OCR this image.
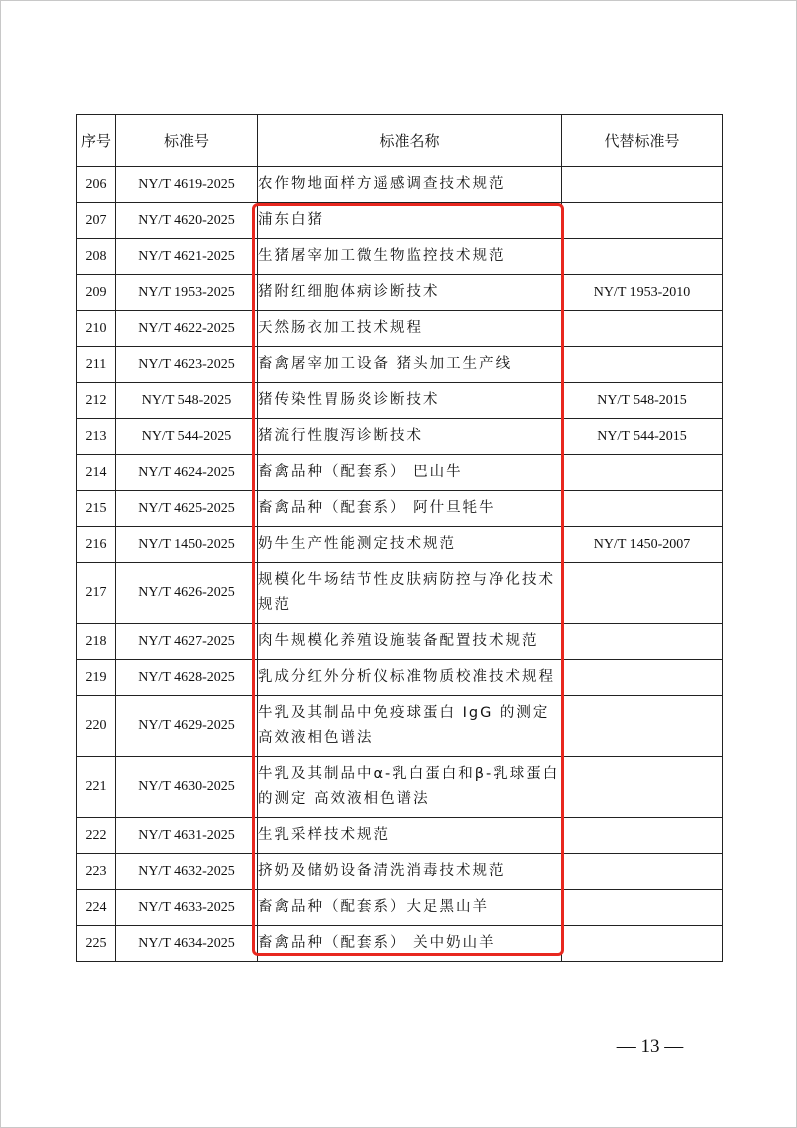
序号	标准号	标准名称	代替标准号
206	NY/T 4619-2025	农作物地面样方遥感调查技术规范	
207	NY/T 4620-2025	浦东白猪	
208	NY/T 4621-2025	生猪屠宰加工微生物监控技术规范	
209	NY/T 1953-2025	猪附红细胞体病诊断技术	NY/T 1953-2010
210	NY/T 4622-2025	天然肠衣加工技术规程	
211	NY/T 4623-2025	畜禽屠宰加工设备 猪头加工生产线	
212	NY/T 548-2025	猪传染性胃肠炎诊断技术	NY/T 548-2015
213	NY/T 544-2025	猪流行性腹泻诊断技术	NY/T 544-2015
214	NY/T 4624-2025	畜禽品种（配套系） 巴山牛	
215	NY/T 4625-2025	畜禽品种（配套系） 阿什旦牦牛	
216	NY/T 1450-2025	奶牛生产性能测定技术规范	NY/T 1450-2007
217	NY/T 4626-2025	规模化牛场结节性皮肤病防控与净化技术规范	
218	NY/T 4627-2025	肉牛规模化养殖设施装备配置技术规范	
219	NY/T 4628-2025	乳成分红外分析仪标准物质校准技术规程	
220	NY/T 4629-2025	牛乳及其制品中免疫球蛋白 IgG 的测定 高效液相色谱法	
221	NY/T 4630-2025	牛乳及其制品中α-乳白蛋白和β-乳球蛋白的测定 高效液相色谱法	
222	NY/T 4631-2025	生乳采样技术规范	
223	NY/T 4632-2025	挤奶及储奶设备清洗消毒技术规范	
224	NY/T 4633-2025	畜禽品种（配套系）大足黑山羊	
225	NY/T 4634-2025	畜禽品种（配套系） 关中奶山羊	
— 13 —
